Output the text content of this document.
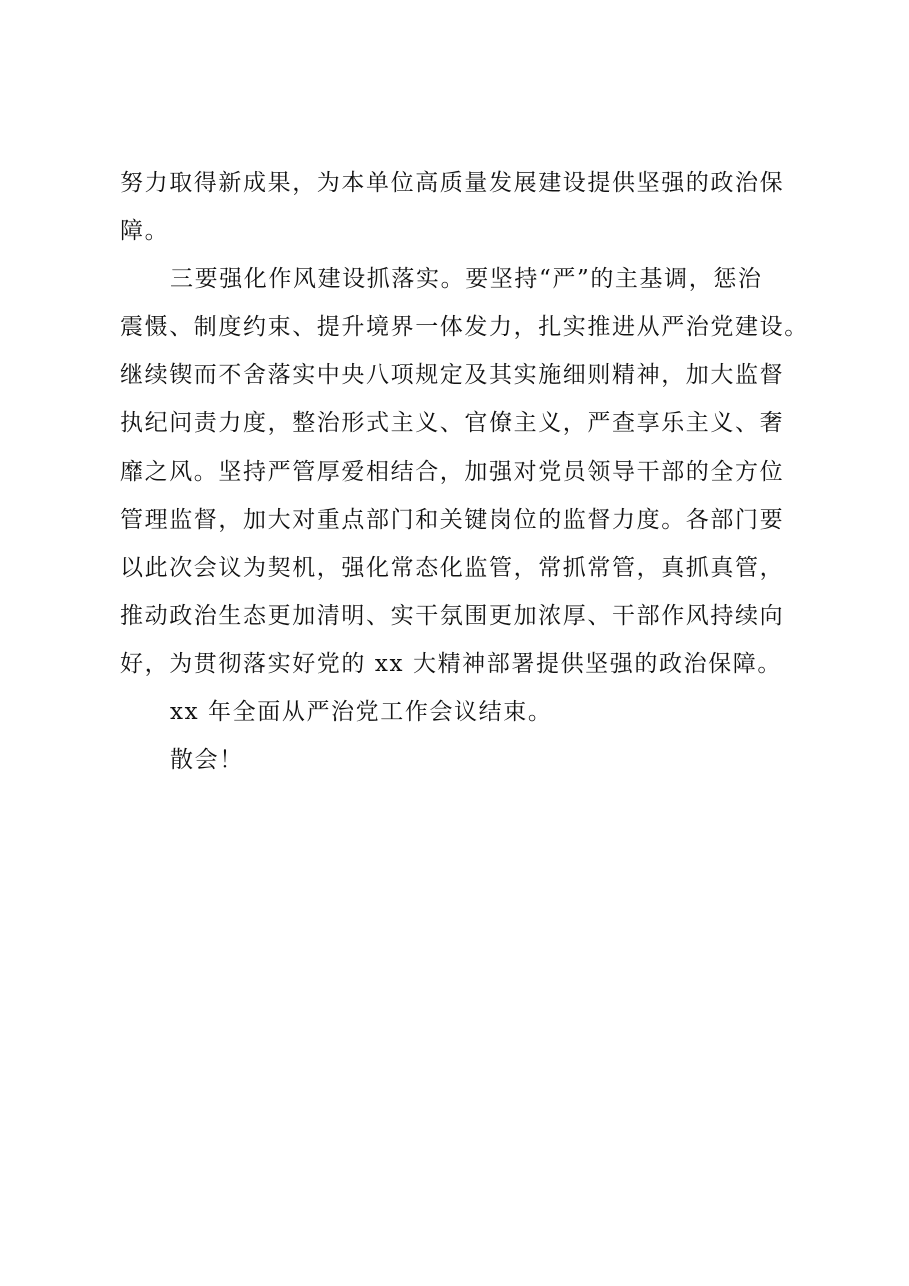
努力取得新成果，为本单位高质量发展建设提供坚强的政治保
障。
三要强化作风建设抓落实。要坚持“严”的主基调，惩治
震慑、制度约束、提升境界一体发力，扎实推进从严治党建设。
继续锲而不舍落实中央八项规定及其实施细则精神，加大监督
执纪问责力度，整治形式主义、官僚主义，严查享乐主义、奢
靡之风。坚持严管厚爱相结合，加强对党员领导干部的全方位
管理监督，加大对重点部门和关键岗位的监督力度。各部门要
以此次会议为契机，强化常态化监管，常抓常管，真抓真管，
推动政治生态更加清明、实干氛围更加浓厚、干部作风持续向
好，为贯彻落实好党的 xx 大精神部署提供坚强的政治保障。
xx 年全面从严治党工作会议结束。
散会！
